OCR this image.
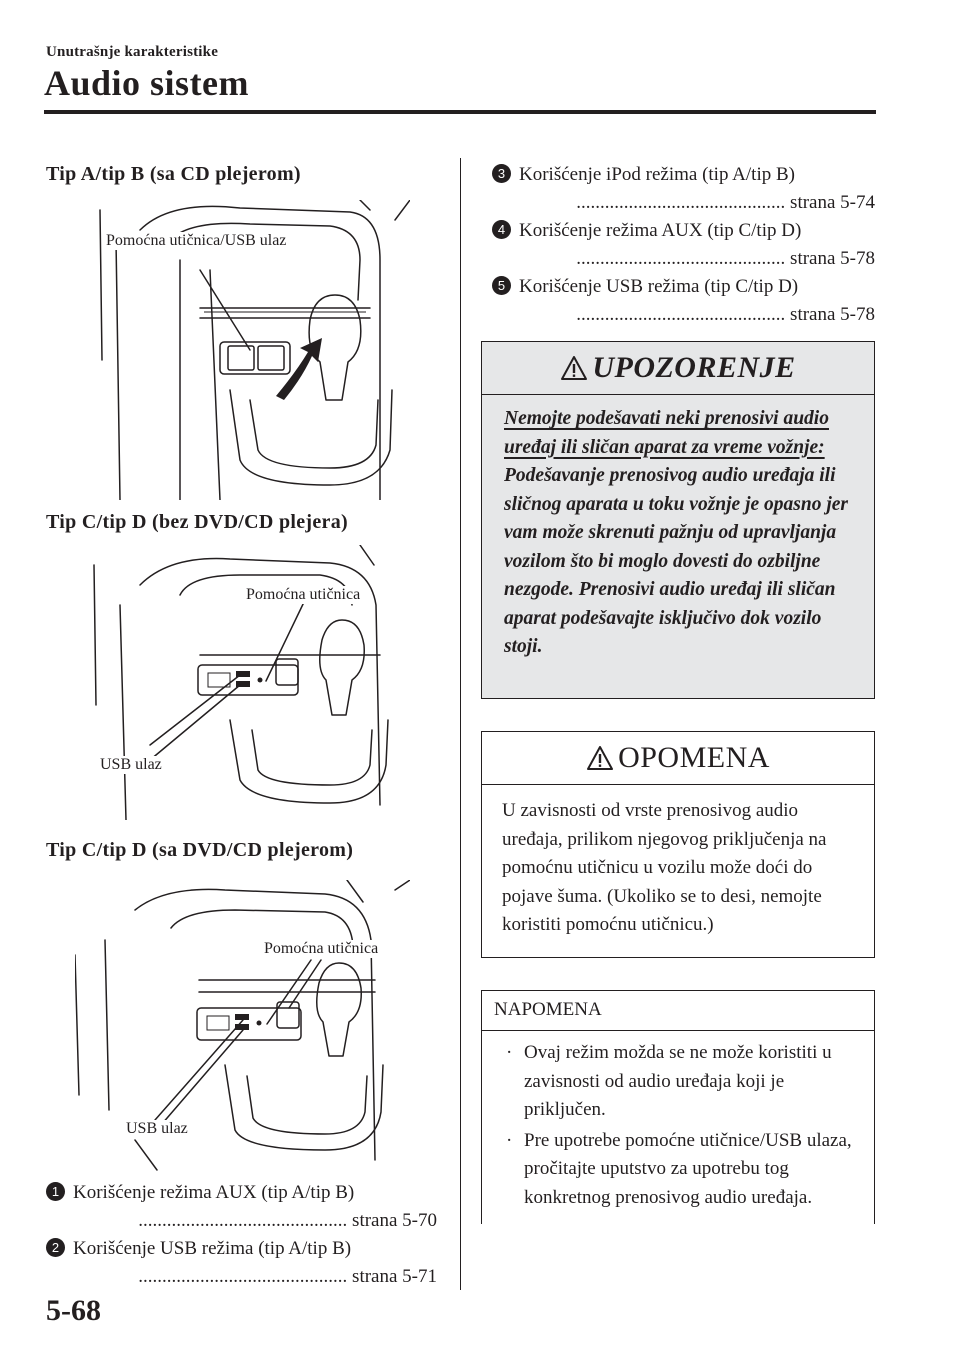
Unutrašnje karakteristike
Audio sistem
Tip A/tip B (sa CD plejerom)
Tip C/tip D (bez DVD/CD plejera)
Tip C/tip D (sa DVD/CD plejerom)
Pomoćna utičnica/USB ulaz
Pomoćna utičnica
USB ulaz
Pomoćna utičnica
USB ulaz
1 Korišćenje režima AUX (tip A/tip B)
............................................ strana 5-70
2 Korišćenje USB režima (tip A/tip B)
............................................ strana 5-71
3 Korišćenje iPod režima (tip A/tip B)
............................................ strana 5-74
4 Korišćenje režima AUX (tip C/tip D)
............................................ strana 5-78
5 Korišćenje USB režima (tip C/tip D)
............................................ strana 5-78
UPOZORENJE
Nemojte podešavati neki prenosivi audio uređaj ili sličan aparat za vreme vožnje:
Podešavanje prenosivog audio uređaja ili sličnog aparata u toku vožnje je opasno jer vam može skrenuti pažnju od upravljanja vozilom što bi moglo dovesti do ozbiljne nezgode. Prenosivi audio uređaj ili sličan aparat podešavajte isključivo dok vozilo stoji.
OPOMENA
U zavisnosti od vrste prenosivog audio uređaja, prilikom njegovog priključenja na pomoćnu utičnicu u vozilu može doći do pojave šuma. (Ukoliko se to desi, nemojte koristiti pomoćnu utičnicu.)
NAPOMENA
· Ovaj režim možda se ne može koristiti u zavisnosti od audio uređaja koji je priključen.
· Pre upotrebe pomoćne utičnice/USB ulaza, pročitajte uputstvo za upotrebu tog konkretnog prenosivog audio uređaja.
5-68
